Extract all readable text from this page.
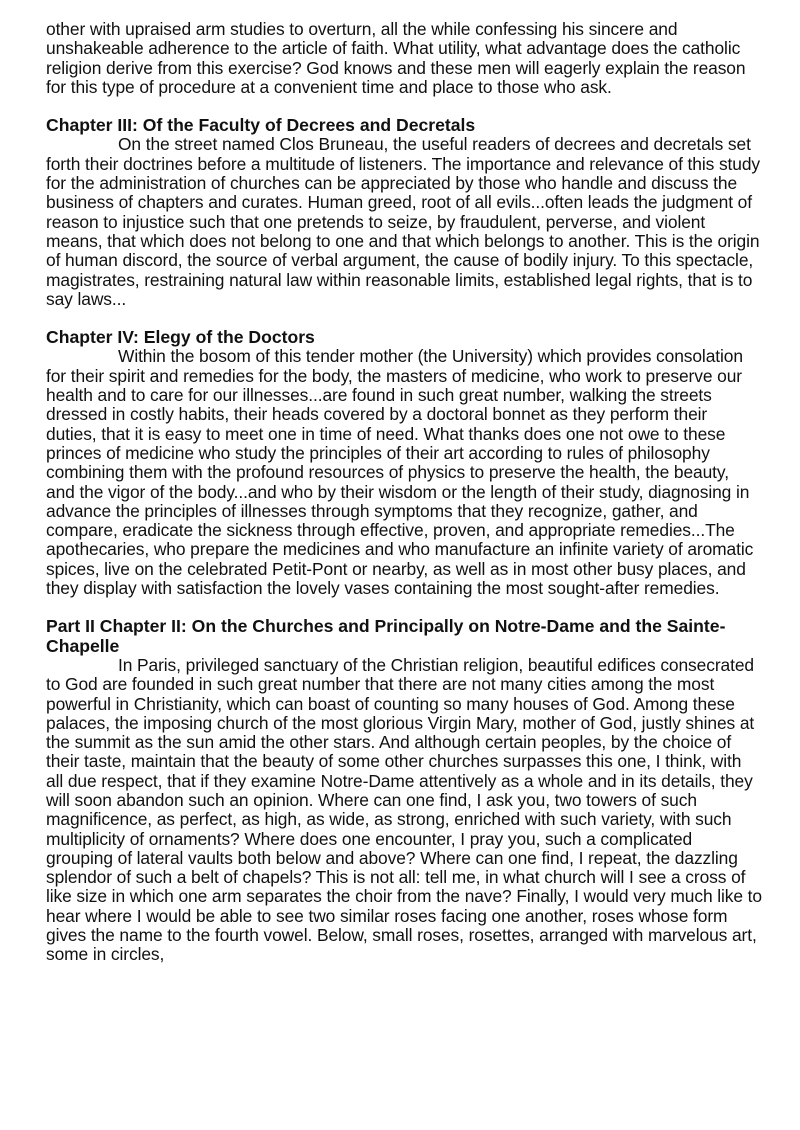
other with upraised arm studies to overturn, all the while confessing his sincere and unshakeable adherence to the article of faith. What utility, what advantage does the catholic religion derive from this exercise? God knows and these men will eagerly explain the reason for this type of procedure at a convenient time and place to those who ask.

Chapter III: Of the Faculty of Decrees and Decretals

On the street named Clos Bruneau, the useful readers of decrees and decretals set forth their doctrines before a multitude of listeners. The importance and relevance of this study for the administration of churches can be appreciated by those who handle and discuss the business of chapters and curates. Human greed, root of all evils...often leads the judgment of reason to injustice such that one pretends to seize, by fraudulent, perverse, and violent means, that which does not belong to one and that which belongs to another. This is the origin of human discord, the source of verbal argument, the cause of bodily injury. To this spectacle, magistrates, restraining natural law within reasonable limits, established legal rights, that is to say laws...

Chapter IV: Elegy of the Doctors

Within the bosom of this tender mother (the University) which provides consolation for their spirit and remedies for the body, the masters of medicine, who work to preserve our health and to care for our illnesses...are found in such great number, walking the streets dressed in costly habits, their heads covered by a doctoral bonnet as they perform their duties, that it is easy to meet one in time of need. What thanks does one not owe to these princes of medicine who study the principles of their art according to rules of philosophy combining them with the profound resources of physics to preserve the health, the beauty, and the vigor of the body...and who by their wisdom or the length of their study, diagnosing in advance the principles of illnesses through symptoms that they recognize, gather, and compare, eradicate the sickness through effective, proven, and appropriate remedies...The apothecaries, who prepare the medicines and who manufacture an infinite variety of aromatic spices, live on the celebrated Petit-Pont or nearby, as well as in most other busy places, and they display with satisfaction the lovely vases containing the most sought-after remedies.

Part II Chapter II: On the Churches and Principally on Notre-Dame and the Sainte-Chapelle

In Paris, privileged sanctuary of the Christian religion, beautiful edifices consecrated to God are founded in such great number that there are not many cities among the most powerful in Christianity, which can boast of counting so many houses of God. Among these palaces, the imposing church of the most glorious Virgin Mary, mother of God, justly shines at the summit as the sun amid the other stars. And although certain peoples, by the choice of their taste, maintain that the beauty of some other churches surpasses this one, I think, with all due respect, that if they examine Notre-Dame attentively as a whole and in its details, they will soon abandon such an opinion. Where can one find, I ask you, two towers of such magnificence, as perfect, as high, as wide, as strong, enriched with such variety, with such multiplicity of ornaments? Where does one encounter, I pray you, such a complicated grouping of lateral vaults both below and above? Where can one find, I repeat, the dazzling splendor of such a belt of chapels? This is not all: tell me, in what church will I see a cross of like size in which one arm separates the choir from the nave? Finally, I would very much like to hear where I would be able to see two similar roses facing one another, roses whose form gives the name to the fourth vowel. Below, small roses, rosettes, arranged with marvelous art, some in circles,
